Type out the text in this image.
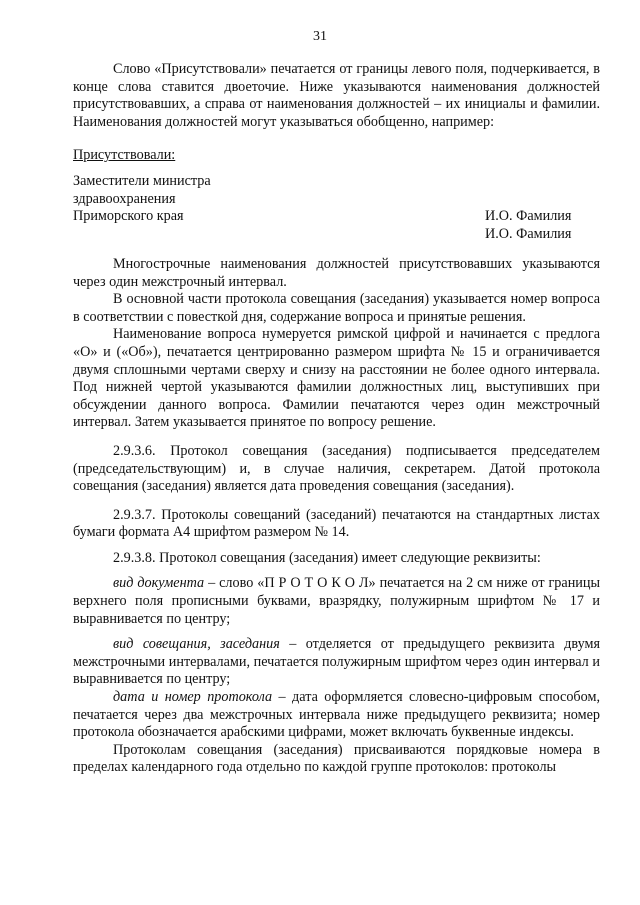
31

Слово «Присутствовали» печатается от границы левого поля, подчеркивается, в конце слова ставится двоеточие. Ниже указываются наименования должностей присутствовавших, а справа от наименования должностей – их инициалы и фамилии. Наименования должностей могут указываться обобщенно, например:

Присутствовали:

Заместители министра
здравоохранения
Приморского края	И.О. Фамилия
И.О. Фамилия

Многострочные наименования должностей присутствовавших указываются через один межстрочный интервал.

В основной части протокола совещания (заседания) указывается номер вопроса в соответствии с повесткой дня, содержание вопроса и принятые решения.

Наименование вопроса нумеруется римской цифрой и начинается с предлога «О» и («Об»), печатается центрированно размером шрифта № 15 и ограничивается двумя сплошными чертами сверху и снизу на расстоянии не более одного интервала. Под нижней чертой указываются фамилии должностных лиц, выступивших при обсуждении данного вопроса. Фамилии печатаются через один межстрочный интервал. Затем указывается принятое по вопросу решение.

2.9.3.6. Протокол совещания (заседания) подписывается председателем (председательствующим) и, в случае наличия, секретарем. Датой протокола совещания (заседания) является дата проведения совещания (заседания).

2.9.3.7. Протоколы совещаний (заседаний) печатаются на стандартных листах бумаги формата А4 шрифтом размером № 14.

2.9.3.8. Протокол совещания (заседания) имеет следующие реквизиты:

вид документа – слово «П Р О Т О К О Л» печатается на 2 см ниже от границы верхнего поля прописными буквами, вразрядку, полужирным шрифтом № 17 и выравнивается по центру;

вид совещания, заседания – отделяется от предыдущего реквизита двумя межстрочными интервалами, печатается полужирным шрифтом через один интервал и выравнивается по центру;

дата и номер протокола – дата оформляется словесно-цифровым способом, печатается через два межстрочных интервала ниже предыдущего реквизита; номер протокола обозначается арабскими цифрами, может включать буквенные индексы.

Протоколам совещания (заседания) присваиваются порядковые номера в пределах календарного года отдельно по каждой группе протоколов: протоколы
